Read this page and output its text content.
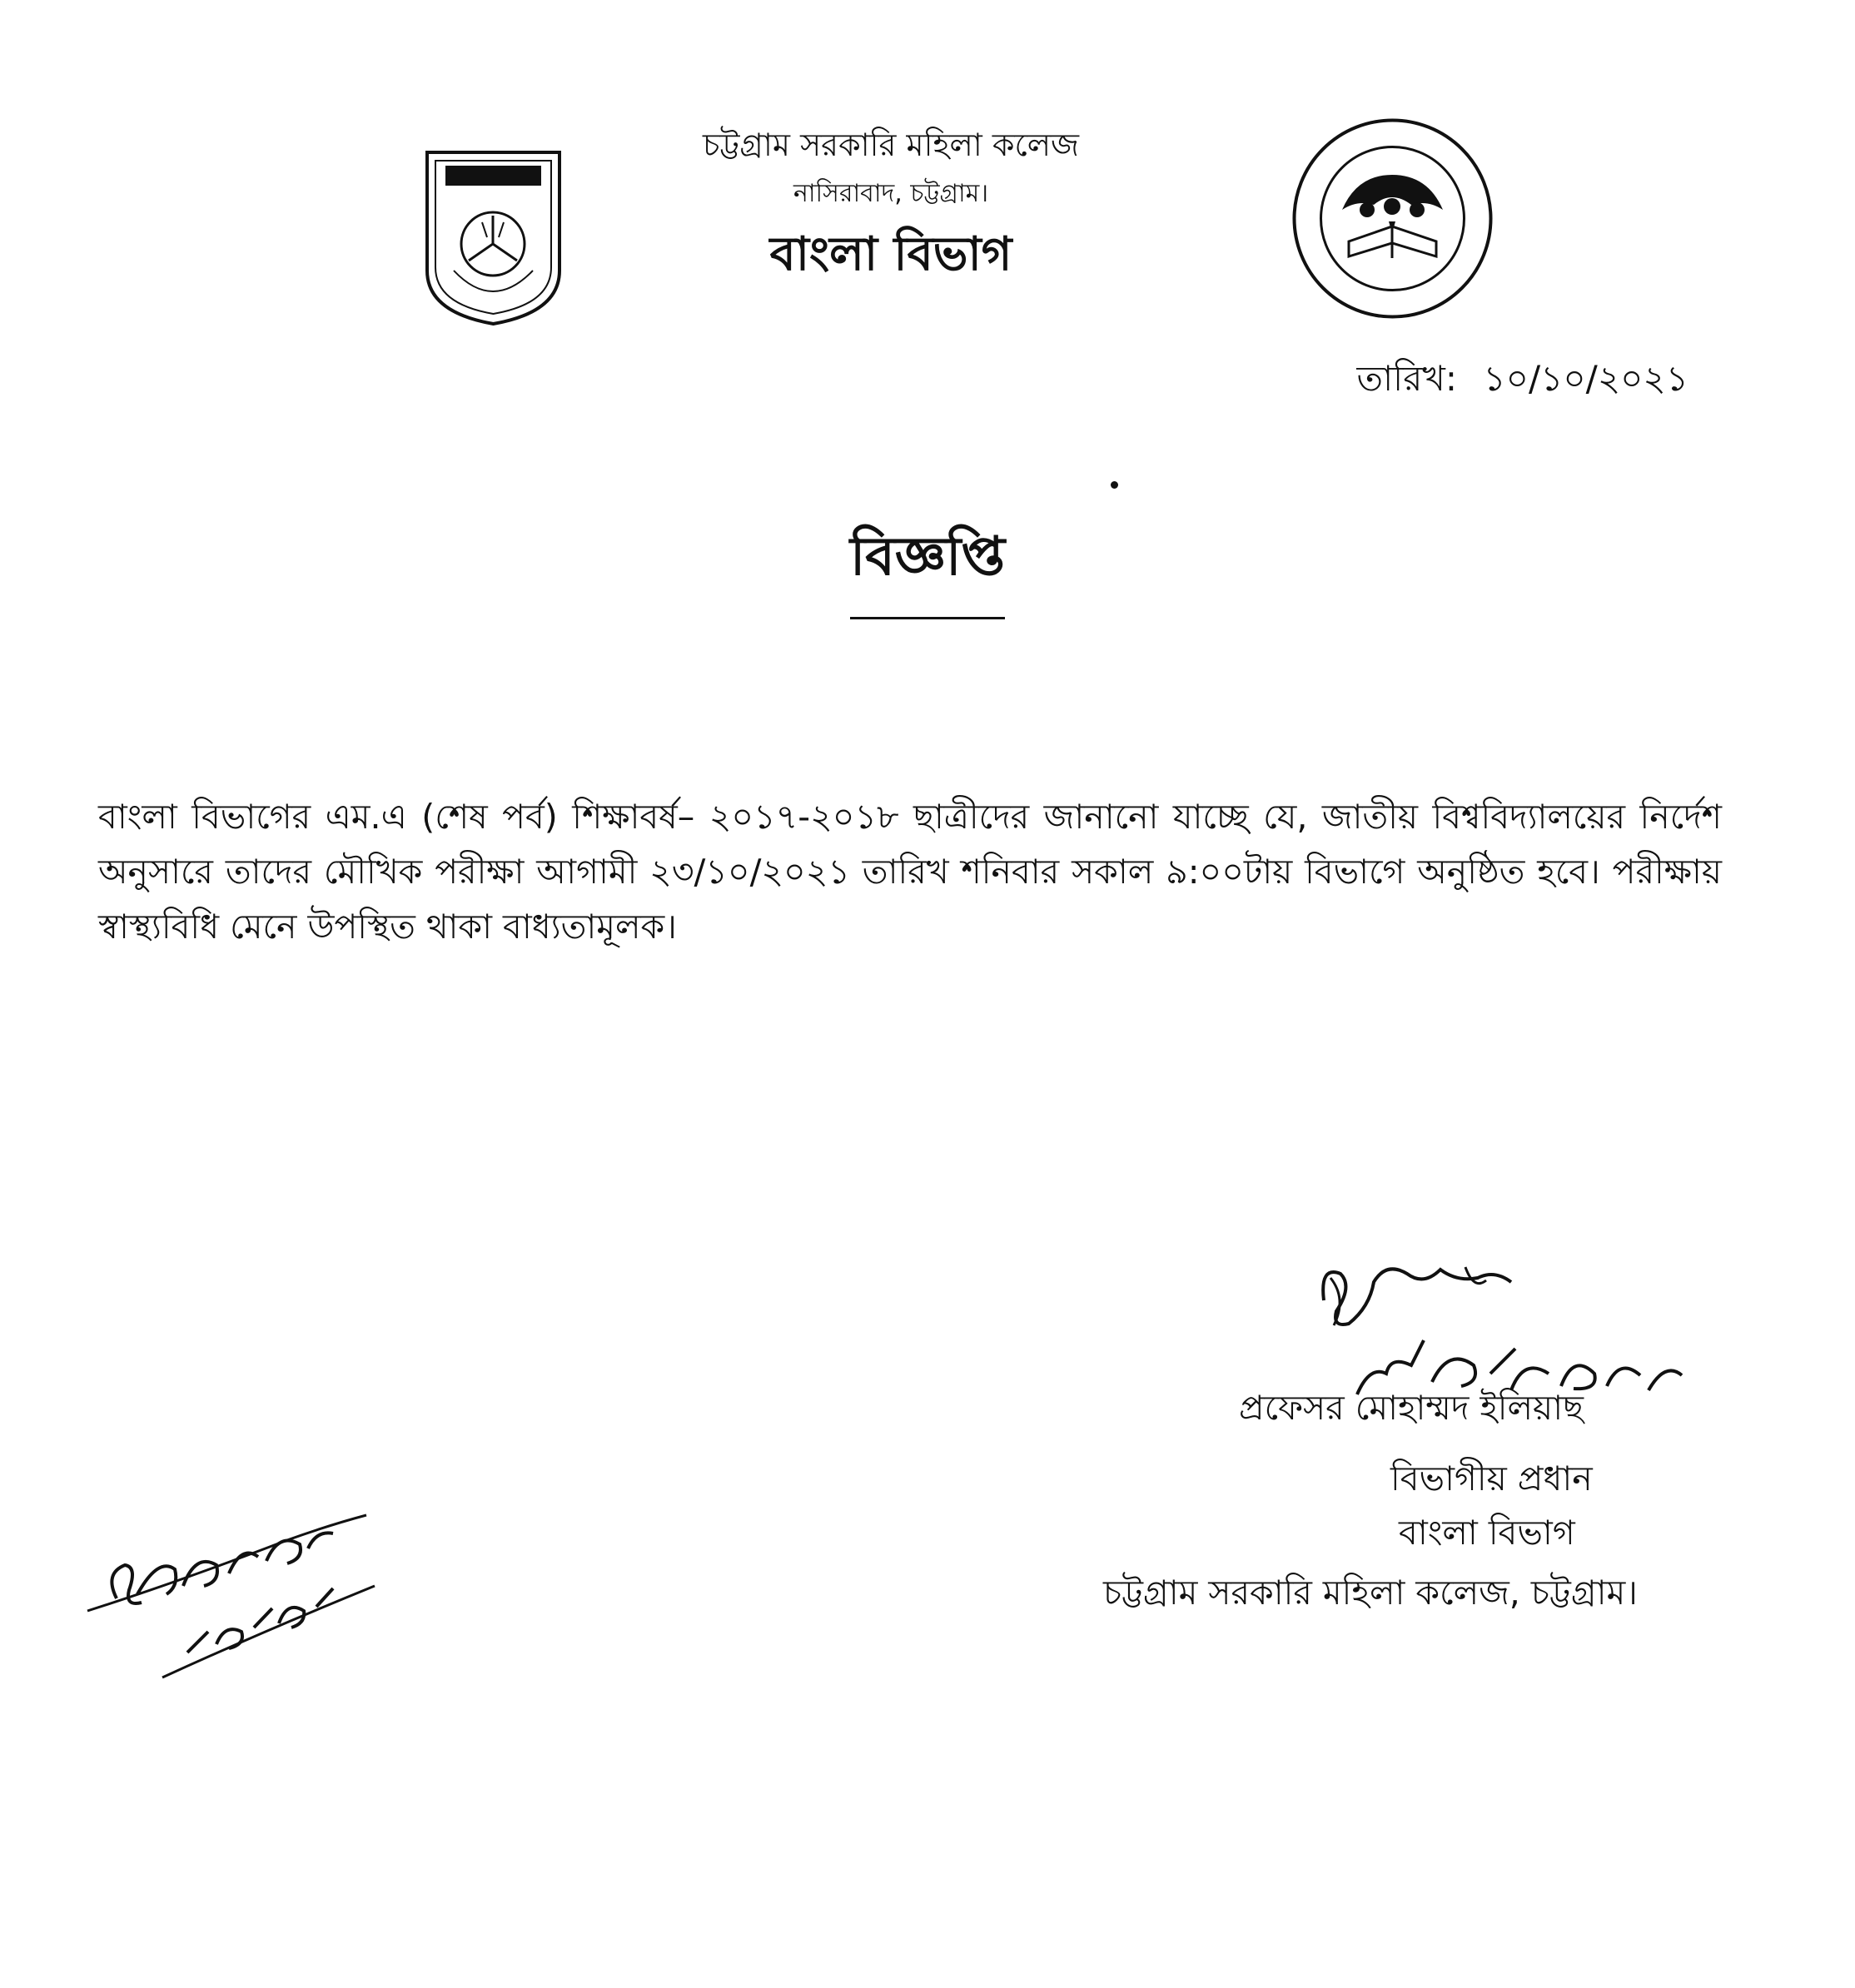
চট্টগ্রাম সরকারি মহিলা কলেজ
নাসিরাবাদ, চট্টগ্রাম।
বাংলা বিভাগ
তারিখ: ১০/১০/২০২১
বিজ্ঞপ্তি
বাংলা বিভাগের এম.এ (শেষ পর্ব) শিক্ষাবর্ষ– ২০১৭-২০১৮ ছাত্রীদের জানানো যাচ্ছে যে, জাতীয় বিশ্ববিদ্যালয়ের নির্দেশ অনুসারে তাদের মৌখিক পরীক্ষা আগামী ২৩/১০/২০২১ তারিখ শনিবার সকাল ৯:০০টায় বিভাগে অনুষ্ঠিত হবে। পরীক্ষায় স্বাস্থ্যবিধি মেনে উপস্থিত থাকা বাধ্যতামূলক।
প্রফেসর মোহাম্মদ ইলিয়াছ
বিভাগীয় প্রধান
বাংলা বিভাগ
চট্টগ্রাম সরকারি মহিলা কলেজ, চট্টগ্রাম।
